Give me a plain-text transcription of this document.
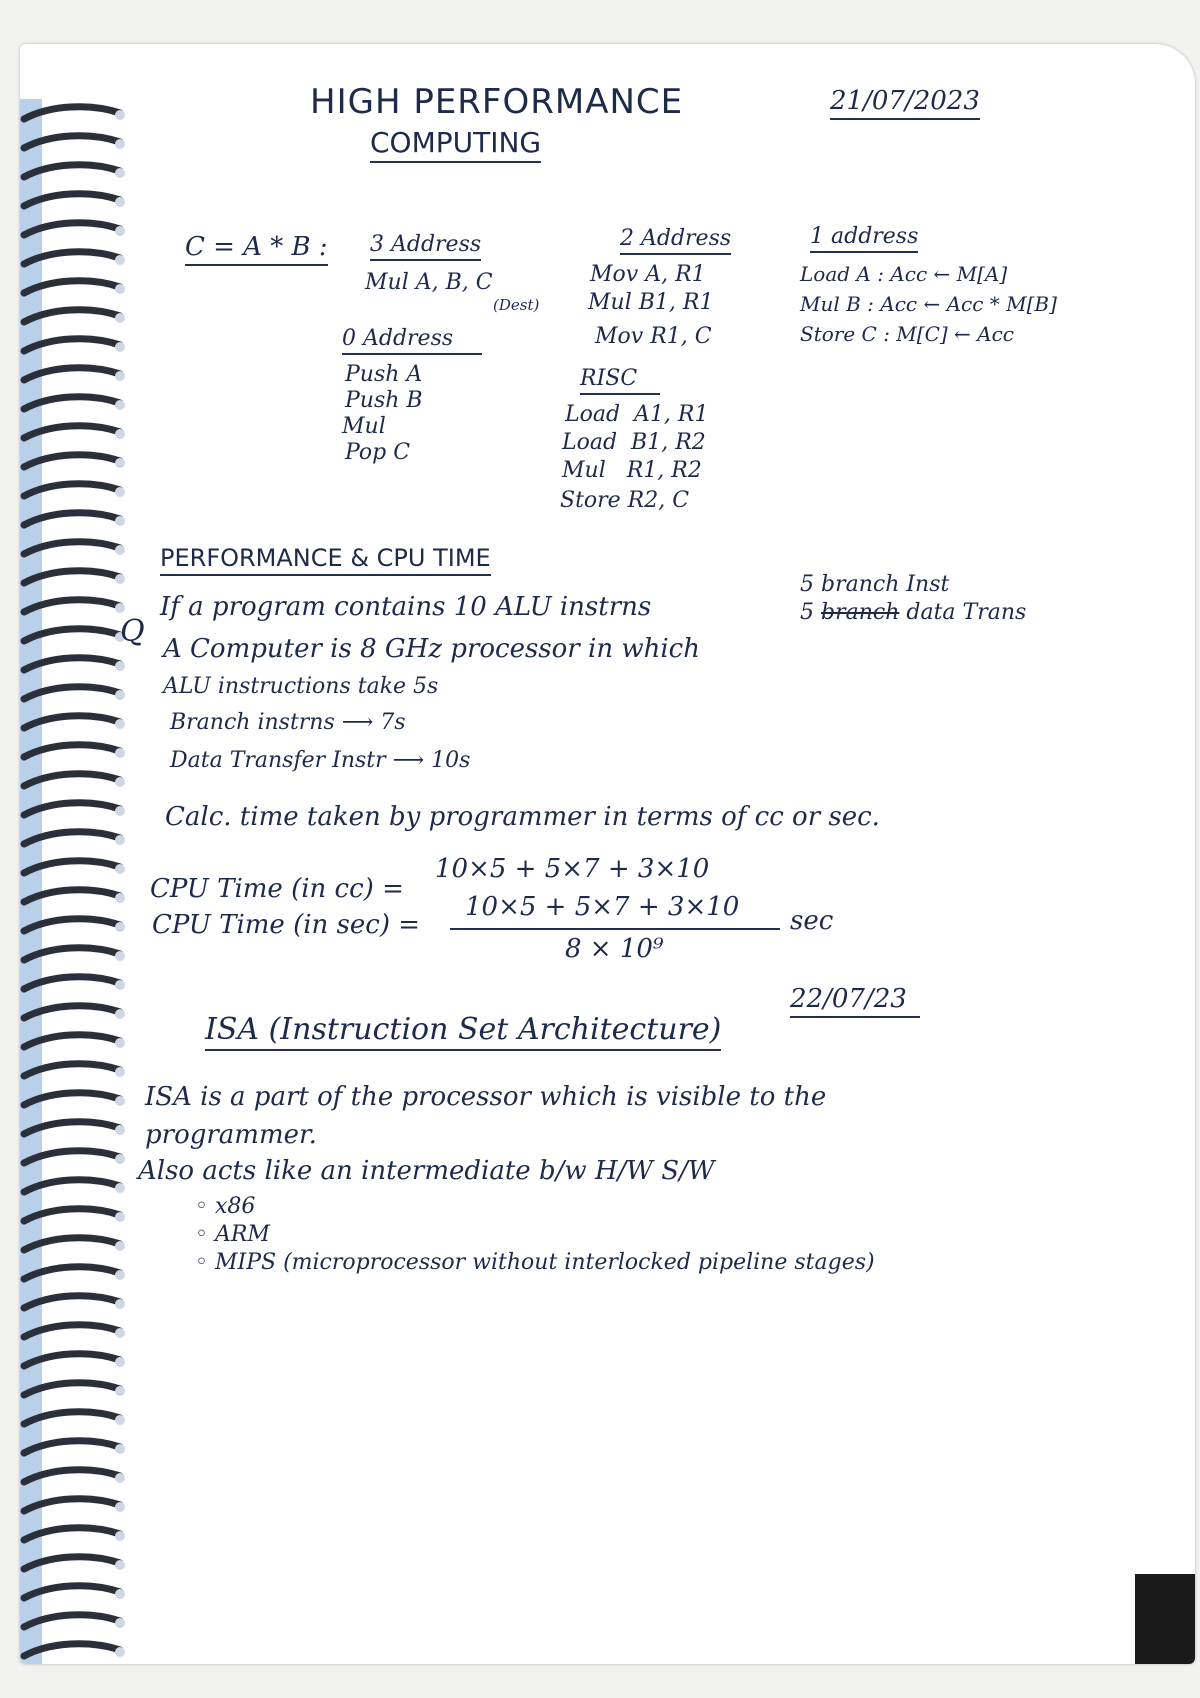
HIGH PERFORMANCE
COMPUTING
21/07/2023
C = A * B : 3 Address
Mul A, B, C
(Dest)
2 Address
Mov A, R1
Mul B1, R1
Mov R1, C
1 address
Load A : Acc ← M[A]
Mul B : Acc ← Acc * M[B]
Store C : M[C] ← Acc
0 Address
Push A
Push B
Mul
Pop C
RISC
Load  A1, R1
Load  B1, R2
Mul   R1, R2
Store R2, C
PERFORMANCE & CPU TIME
Q
If a program contains 10 ALU instrns
5 branch Inst
5 branch data Trans
A Computer is 8 GHz processor in which
ALU instructions take 5s
Branch instrns ⟶ 7s
Data Transfer Instr ⟶ 10s
Calc. time taken by programmer in terms of cc or sec.
CPU Time (in cc) =
10×5 + 5×7 + 3×10
CPU Time (in sec) =
10×5 + 5×7 + 3×10
8 × 10⁹
sec
22/07/23
ISA (Instruction Set Architecture)
ISA is a part of the processor which is visible to the
programmer.
Also acts like an intermediate b/w H/W S/W
◦ x86
◦ ARM
◦ MIPS (microprocessor without interlocked pipeline stages)
